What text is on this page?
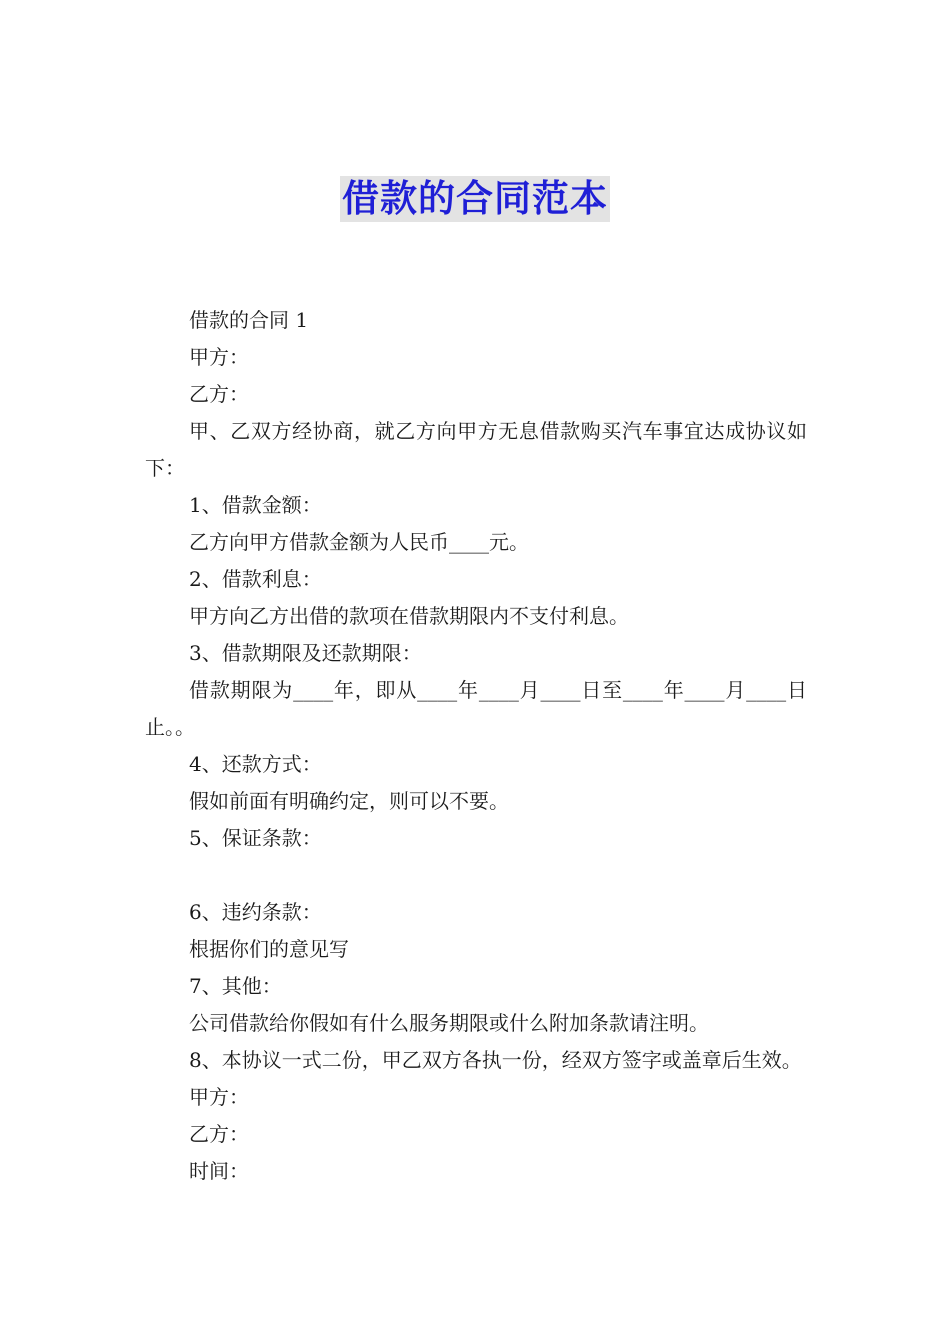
借款的合同范本

借款的合同 1

甲方：

乙方：

甲、乙双方经协商，就乙方向甲方无息借款购买汽车事宜达成协议如下：

1、借款金额：

乙方向甲方借款金额为人民币____元。

2、借款利息：

甲方向乙方出借的款项在借款期限内不支付利息。

3、借款期限及还款期限：

借款期限为____年，即从____年____月____日至____年____月____日止。。

4、还款方式：

假如前面有明确约定，则可以不要。

5、保证条款：

6、违约条款：

根据你们的意见写

7、其他：

公司借款给你假如有什么服务期限或什么附加条款请注明。

8、本协议一式二份，甲乙双方各执一份，经双方签字或盖章后生效。

甲方：

乙方：

时间：
